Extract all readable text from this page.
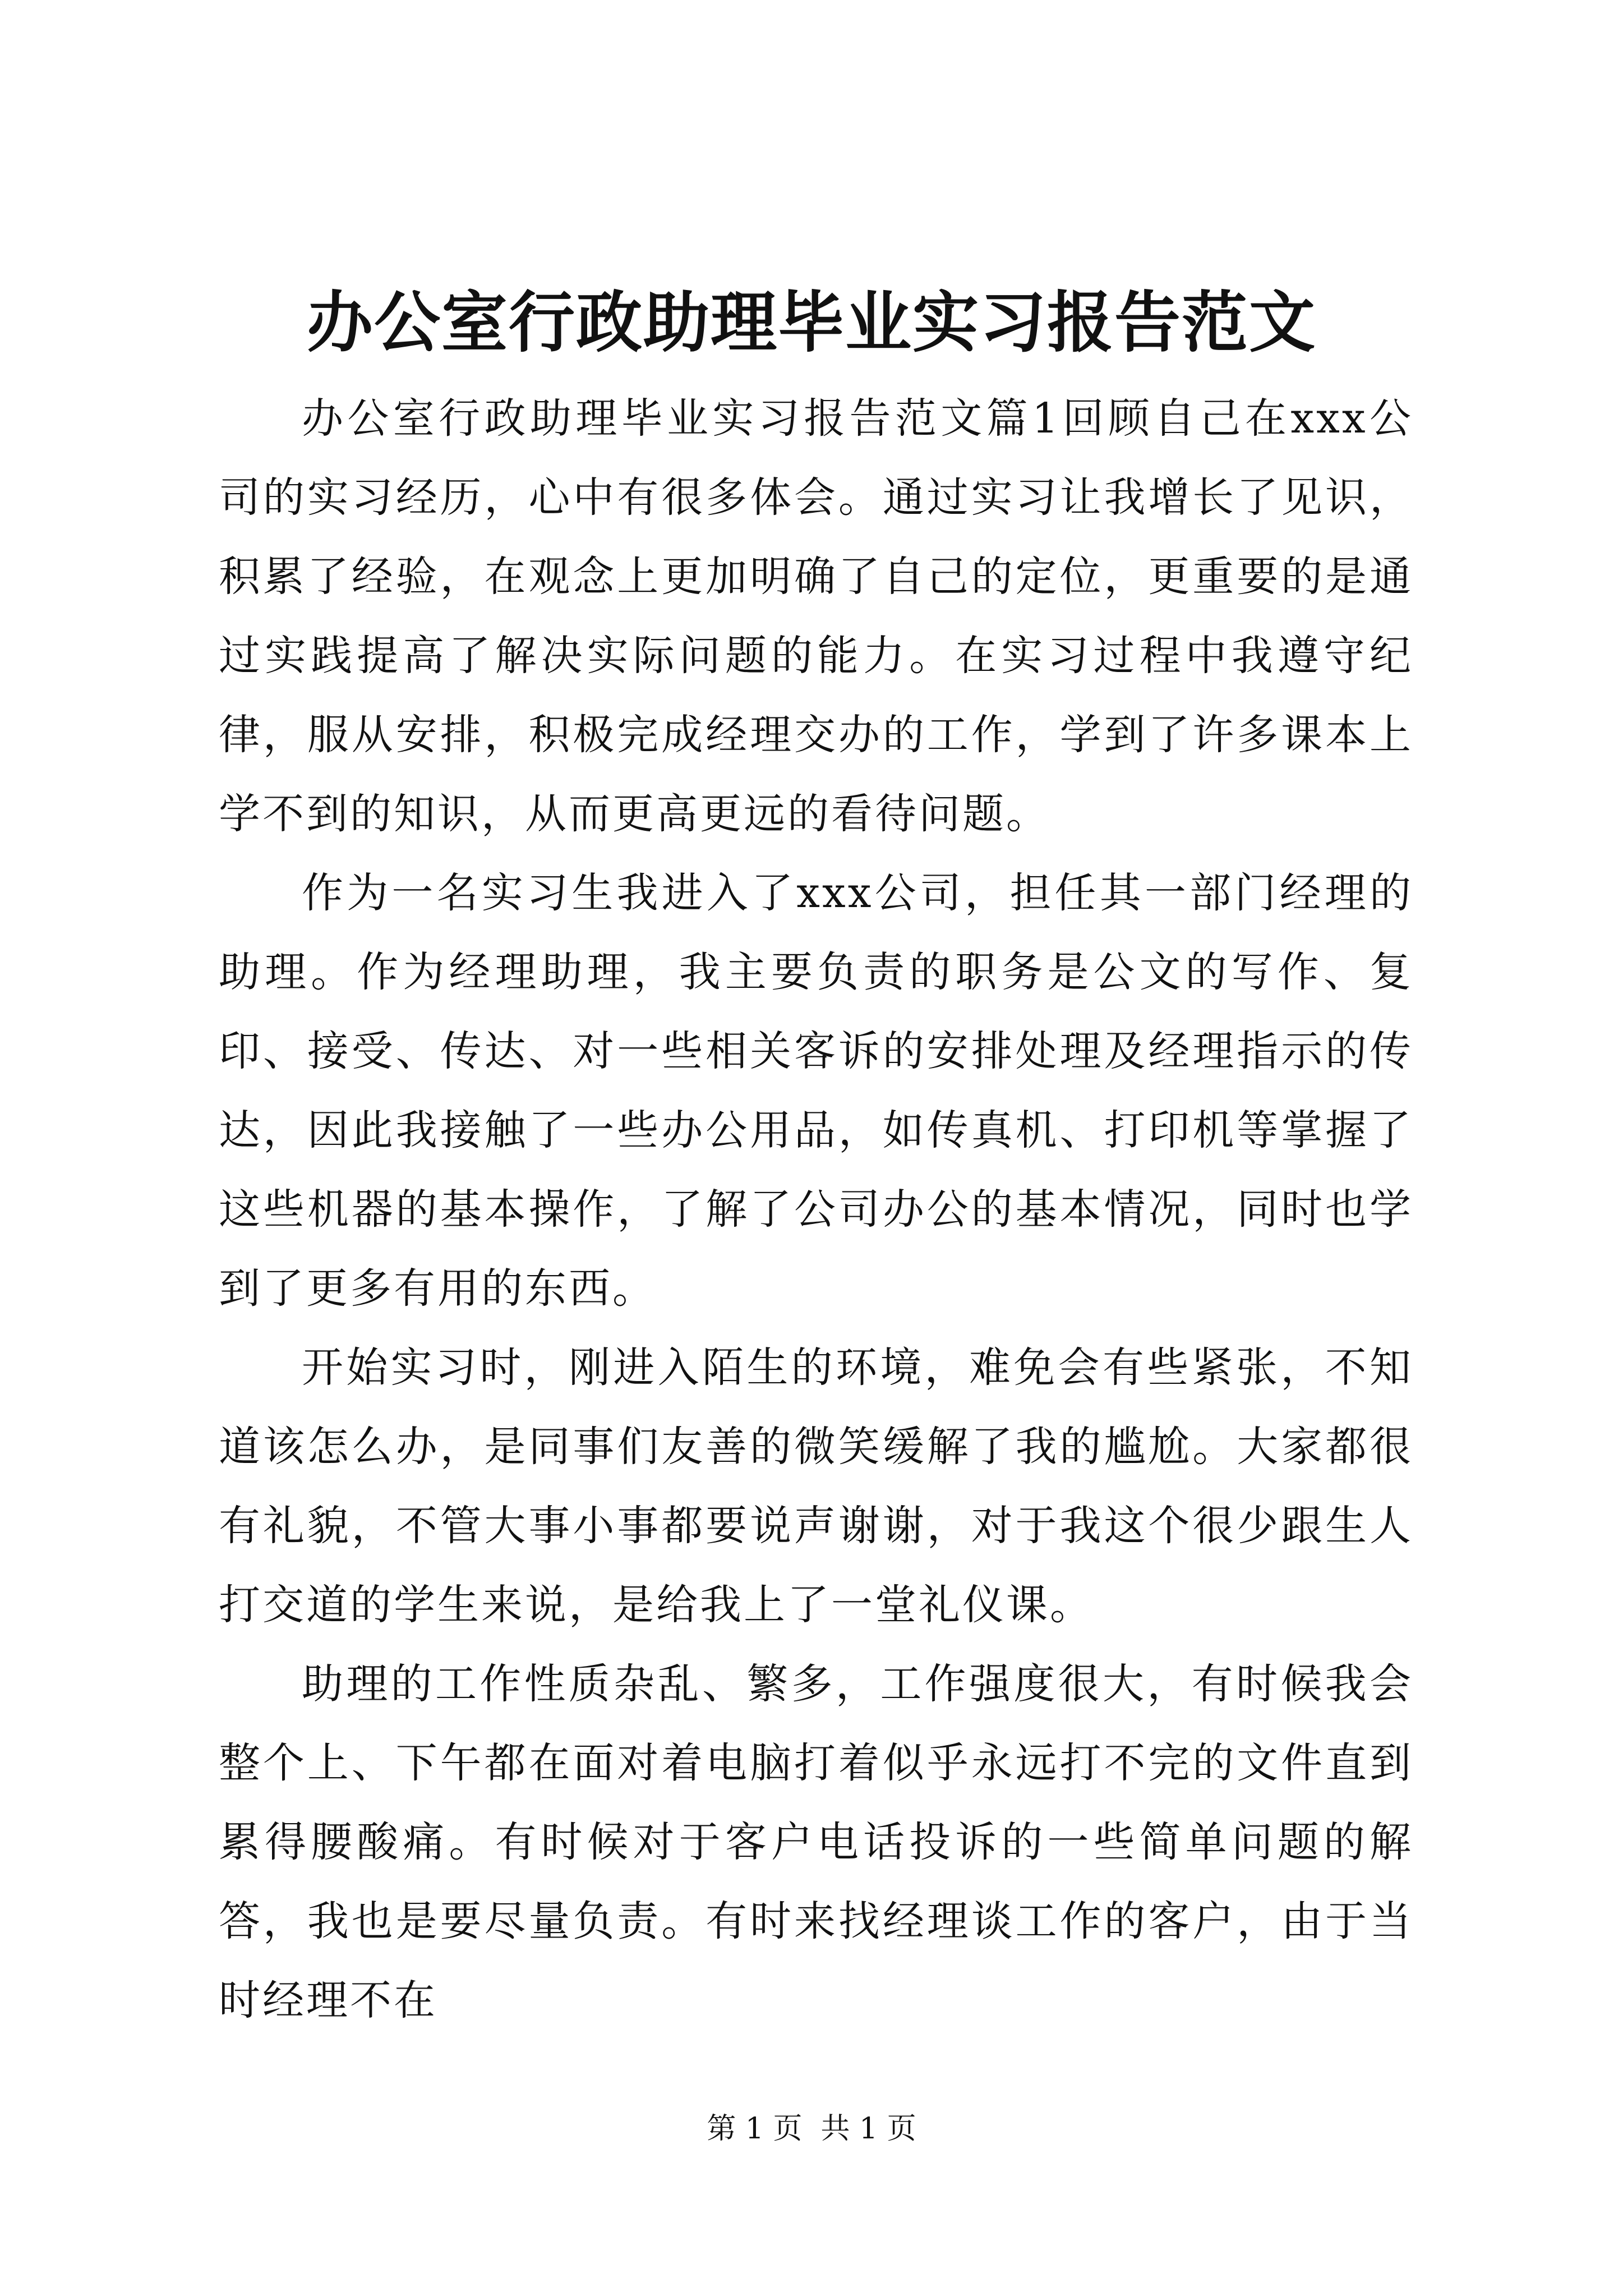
办公室行政助理毕业实习报告范文

办公室行政助理毕业实习报告范文篇1回顾自己在xxx公司的实习经历，心中有很多体会。通过实习让我增长了见识，积累了经验，在观念上更加明确了自己的定位，更重要的是通过实践提高了解决实际问题的能力。在实习过程中我遵守纪律，服从安排，积极完成经理交办的工作，学到了许多课本上学不到的知识，从而更高更远的看待问题。

作为一名实习生我进入了xxx公司，担任其一部门经理的助理。作为经理助理，我主要负责的职务是公文的写作、复印、接受、传达、对一些相关客诉的安排处理及经理指示的传达，因此我接触了一些办公用品，如传真机、打印机等掌握了这些机器的基本操作，了解了公司办公的基本情况，同时也学到了更多有用的东西。

开始实习时，刚进入陌生的环境，难免会有些紧张，不知道该怎么办，是同事们友善的微笑缓解了我的尴尬。大家都很有礼貌，不管大事小事都要说声谢谢，对于我这个很少跟生人打交道的学生来说，是给我上了一堂礼仪课。

助理的工作性质杂乱、繁多，工作强度很大，有时候我会整个上、下午都在面对着电脑打着似乎永远打不完的文件直到累得腰酸痛。有时候对于客户电话投诉的一些简单问题的解答，我也是要尽量负责。有时来找经理谈工作的客户，由于当时经理不在

第 1 页  共 1 页
